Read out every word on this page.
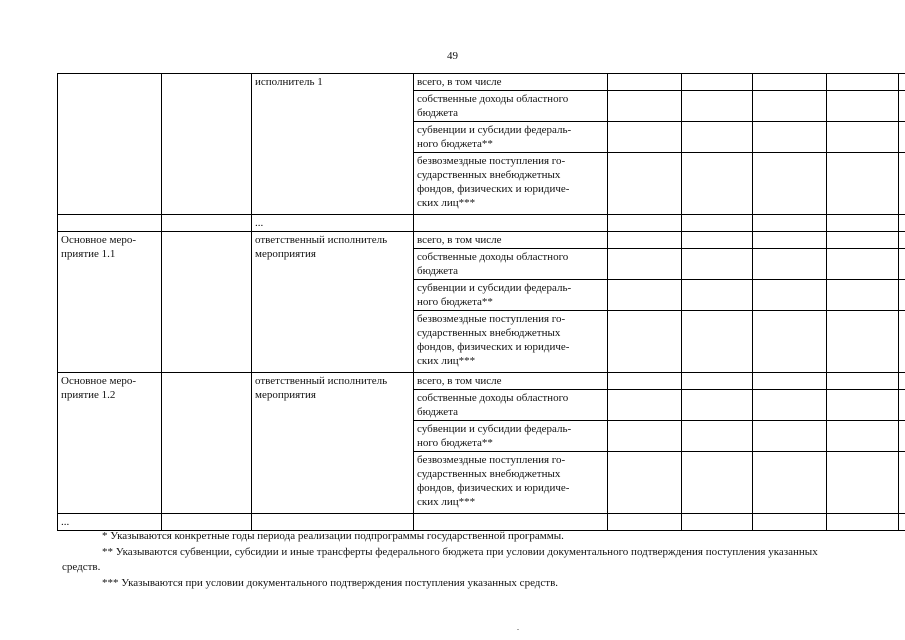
49
		исполнитель 1	всего, в том числе					
			собственные доходы областного
бюджета					
			субвенции и субсидии федераль-
ного бюджета**					
			безвозмездные поступления го-
сударственных внебюджетных
фондов, физических и юридиче-
ских лиц***					
		...						
Основное меро-
приятие 1.1		ответственный исполнитель
мероприятия	всего, в том числе					
			собственные доходы областного
бюджета					
			субвенции и субсидии федераль-
ного бюджета**					
			безвозмездные поступления го-
сударственных внебюджетных
фондов, физических и юридиче-
ских лиц***					
Основное меро-
приятие 1.2		ответственный исполнитель
мероприятия	всего, в том числе					
			собственные доходы областного
бюджета					
			субвенции и субсидии федераль-
ного бюджета**					
			безвозмездные поступления го-
сударственных внебюджетных
фондов, физических и юридиче-
ских лиц***					
...								

* Указываются конкретные годы периода реализации подпрограммы государственной программы.

** Указываются субвенции, субсидии и иные трансферты федерального бюджета при условии документального подтверждения поступления указанных средств.

*** Указываются при условии документального подтверждения поступления указанных средств.

.
